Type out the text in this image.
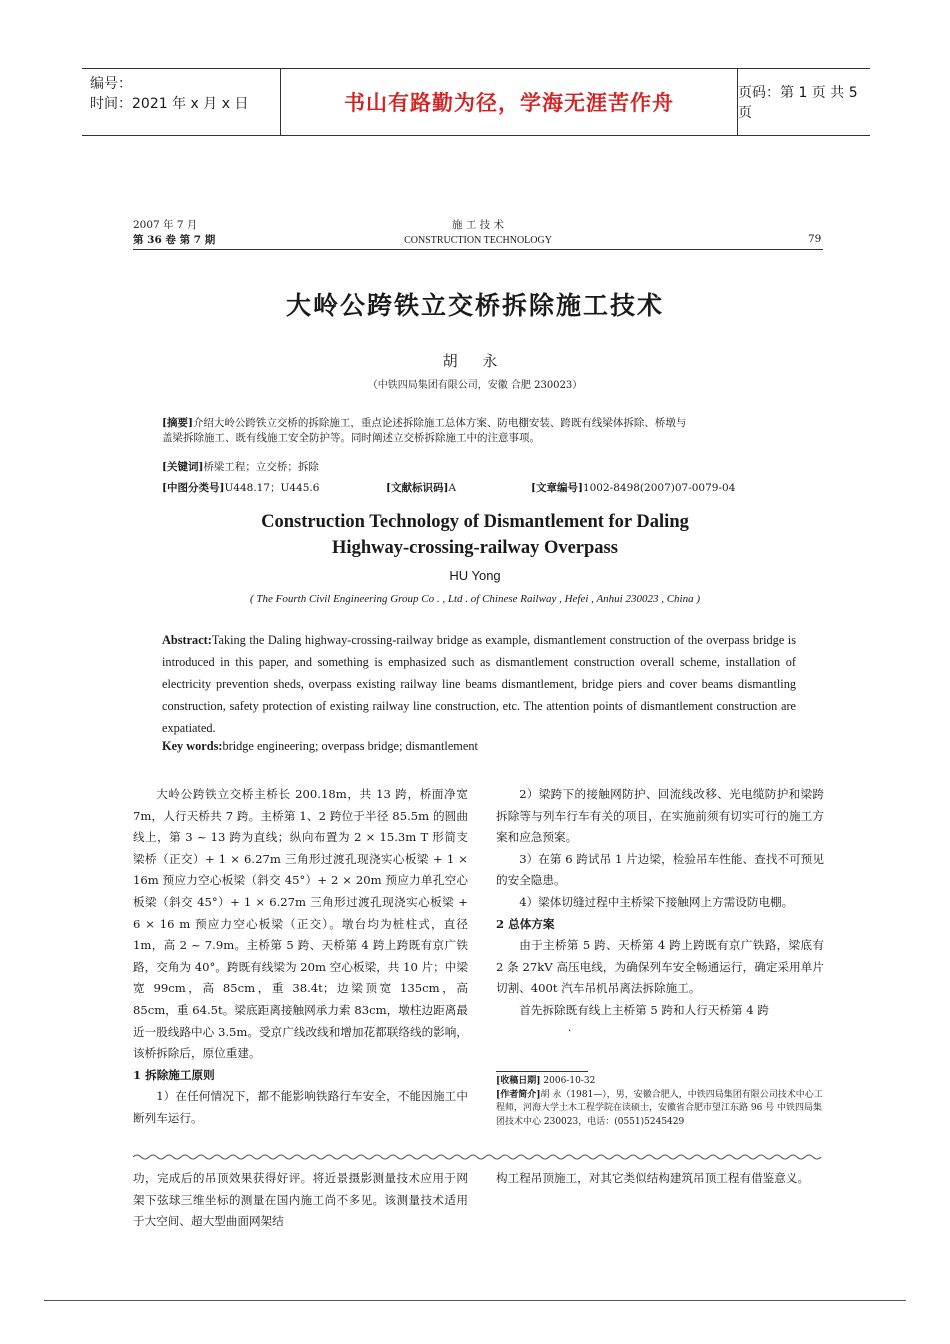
编号：
时间：2021 年 x 月 x 日	书山有路勤为径，学海无涯苦作舟	页码：第 1 页 共 5 页
2007 年 7 月
第 36 卷 第 7 期
施 工 技 术
CONSTRUCTION TECHNOLOGY	79
大岭公跨铁立交桥拆除施工技术
胡 永
（中铁四局集团有限公司，安徽 合肥 230023）
[摘要]介绍大岭公跨铁立交桥的拆除施工，重点论述拆除施工总体方案、防电棚安装、跨既有线梁体拆除、桥墩与
盖梁拆除施工、既有线施工安全防护等。同时阐述立交桥拆除施工中的注意事项。
[关键词]桥梁工程；立交桥；拆除
[中图分类号]U448.17；U445.6	[文献标识码]A	[文章编号]1002-8498(2007)07-0079-04
Construction Technology of Dismantlement for Daling
Highway-crossing-railway Overpass
HU Yong
( The Fourth Civil Engineering Group Co . , Ltd . of Chinese Railway , Hefei , Anhui 230023 , China )
Abstract:Taking the Daling highway-crossing-railway bridge as example, dismantlement construction of the overpass bridge is introduced in this paper, and something is emphasized such as dismantlement construction overall scheme, installation of electricity prevention sheds, overpass existing railway line beams dismantlement, bridge piers and cover beams dismantling construction, safety protection of existing railway line construction, etc. The attention points of dismantlement construction are expatiated.
Key words:bridge engineering; overpass bridge; dismantlement

大岭公跨铁立交桥主桥长 200.18m，共 13 跨，桥面净宽 7m，人行天桥共 7 跨。主桥第 1、2 跨位于半径 85.5m 的圆曲线上，第 3 ~ 13 跨为直线；纵向布置为 2 × 15.3m T 形简支梁桥（正交）+ 1 × 6.27m 三角形过渡孔现浇实心板梁 + 1 × 16m 预应力空心板梁（斜交 45°）+ 2 × 20m 预应力单孔空心板梁（斜交 45°）+ 1 × 6.27m 三角形过渡孔现浇实心板梁 + 6 × 16 m 预应力空心板梁（正交）。墩台均为桩柱式，直径 1m，高 2 ~ 7.9m。主桥第 5 跨、天桥第 4 跨上跨既有京广铁路，交角为 40°。跨既有线梁为 20m 空心板梁，共 10 片；中梁宽 99cm，高 85cm，重 38.4t；边梁顶宽 135cm，高 85cm，重 64.5t。梁底距离接触网承力索 83cm，墩柱边距离最近一股线路中心 3.5m。受京广线改线和增加花都联络线的影响，该桥拆除后，原位重建。

1 拆除施工原则

1）在任何情况下，都不能影响铁路行车安全，不能因施工中断列车运行。

2）梁跨下的接触网防护、回流线改移、光电缆防护和梁跨拆除等与列车行车有关的项目，在实施前须有切实可行的施工方案和应急预案。

3）在第 6 跨试吊 1 片边梁，检验吊车性能、查找不可预见的安全隐患。

4）梁体切缝过程中主桥梁下接触网上方需设防电棚。

2 总体方案

由于主桥第 5 跨、天桥第 4 跨上跨既有京广铁路，梁底有 2 条 27kV 高压电线，为确保列车安全畅通运行，确定采用单片切割、400t 汽车吊机吊离法拆除施工。

首先拆除既有线上主桥第 5 跨和人行天桥第 4 跨

·
[收稿日期] 2006-10-32
[作者简介]胡 永（1981—），男，安徽合肥人，中铁四局集团有限公司技术中心工程师，河海大学土木工程学院在读硕士，安徽省合肥市望江东路 96 号 中铁四局集团技术中心 230023，电话：(0551)5245429
功，完成后的吊顶效果获得好评。将近景摄影测量技术应用于网架下弦球三维坐标的测量在国内施工尚不多见。该测量技术适用于大空间、超大型曲面网架结
构工程吊顶施工，对其它类似结构建筑吊顶工程有借鉴意义。
